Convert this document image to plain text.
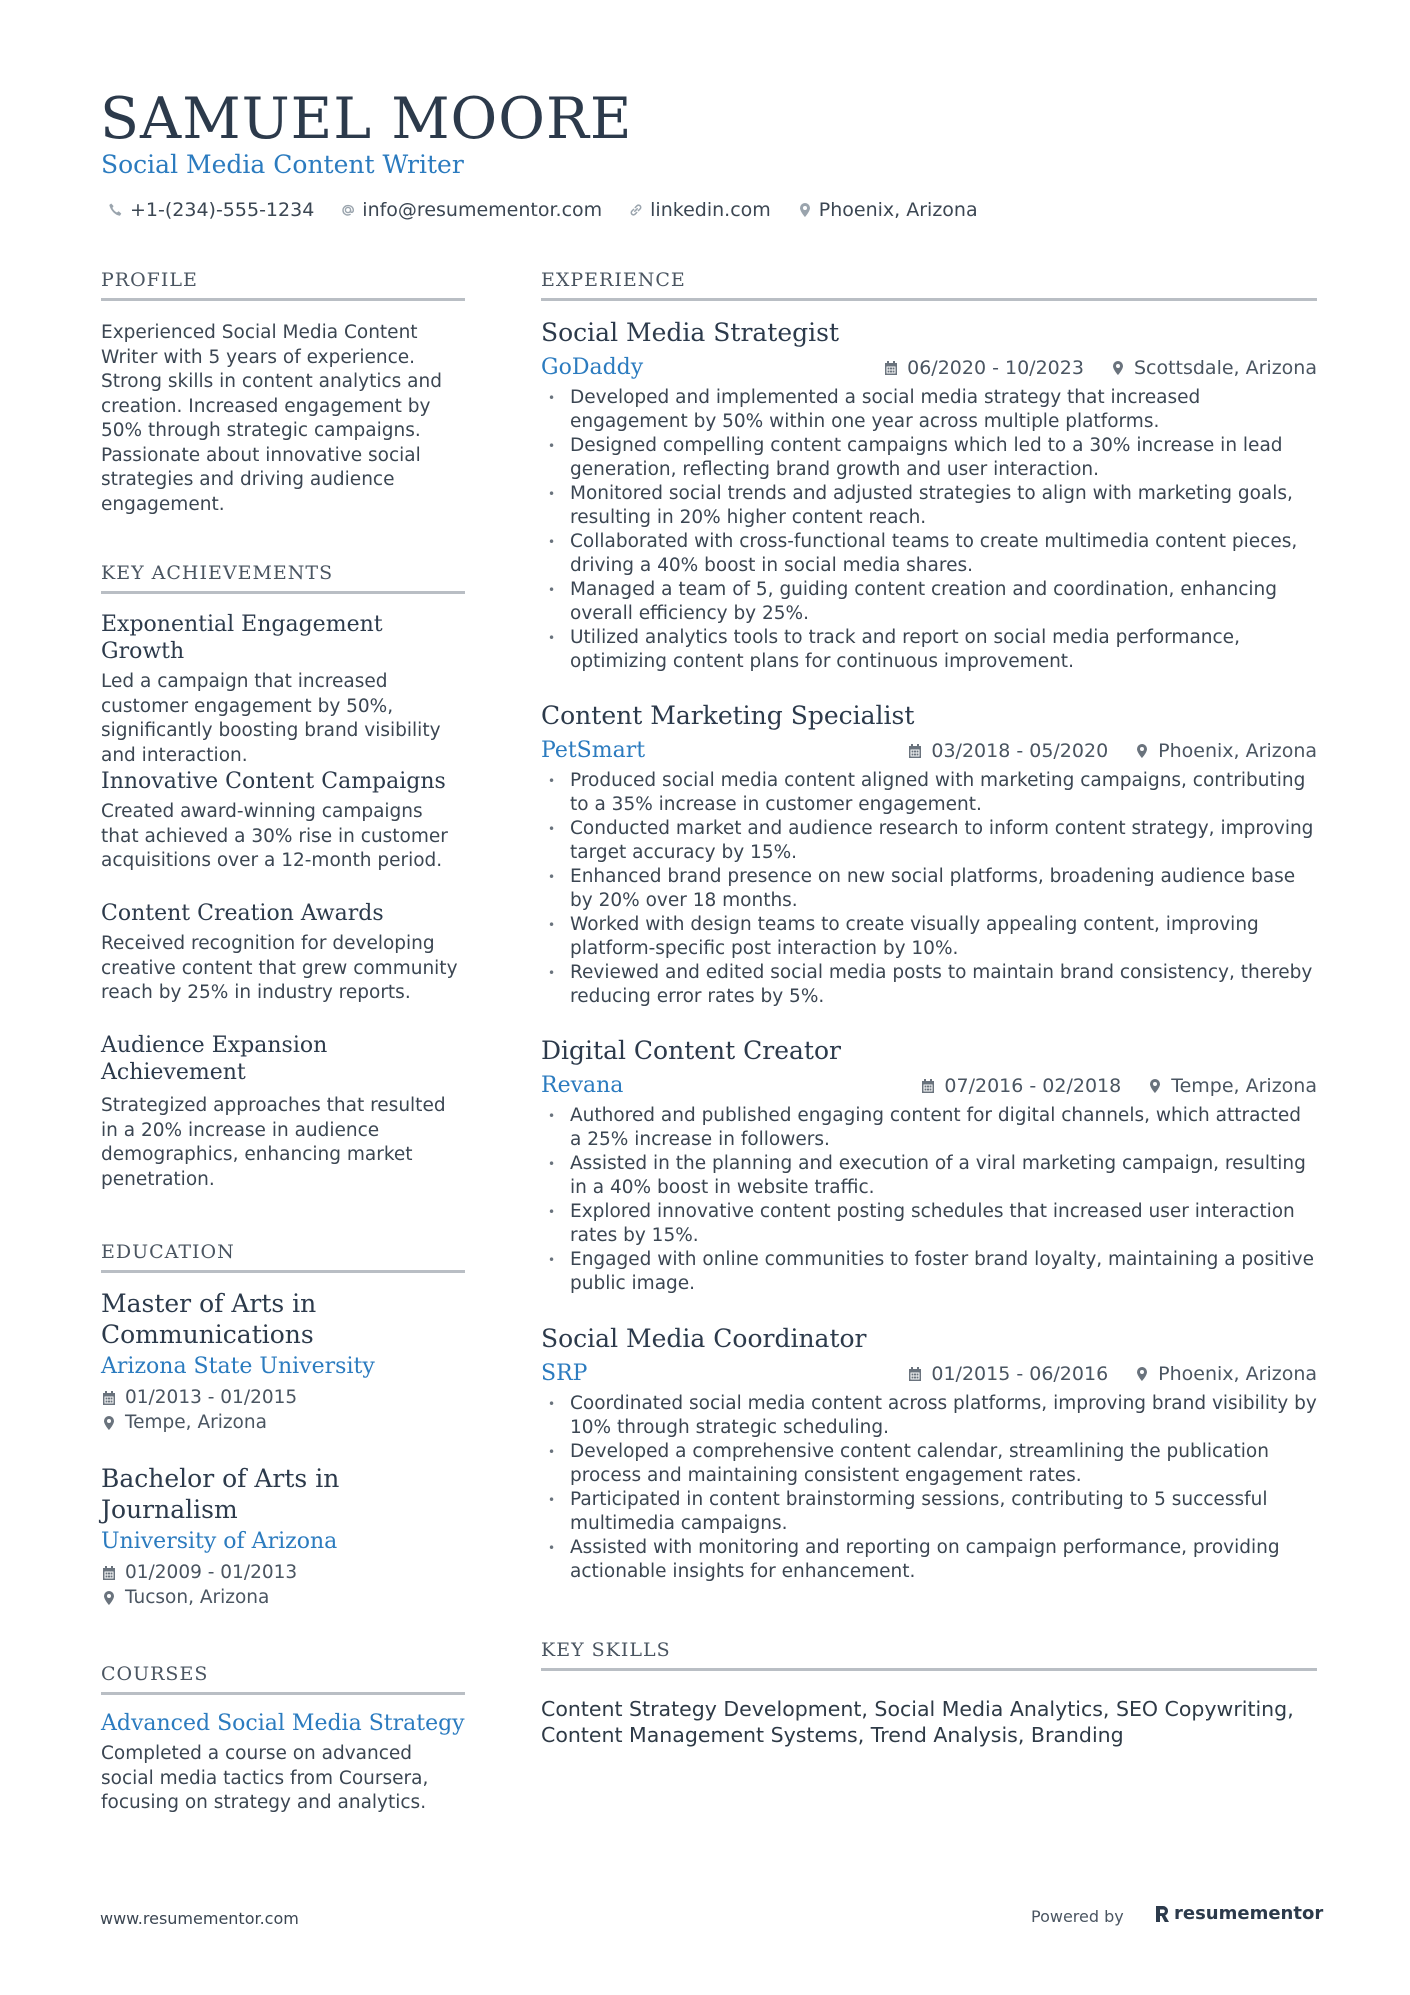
SAMUEL MOORE
Social Media Content Writer
+1-(234)-555-1234	info@resumementor.com	linkedin.com	Phoenix, Arizona
PROFILE

Experienced Social Media Content Writer with 5 years of experience. Strong skills in content analytics and creation. Increased engagement by 50% through strategic campaigns. Passionate about innovative social strategies and driving audience engagement.

KEY ACHIEVEMENTS
Exponential Engagement Growth
Led a campaign that increased customer engagement by 50%, significantly boosting brand visibility and interaction.
Innovative Content Campaigns
Created award-winning campaigns that achieved a 30% rise in customer acquisitions over a 12-month period.
Content Creation Awards
Received recognition for developing creative content that grew community reach by 25% in industry reports.
Audience Expansion Achievement
Strategized approaches that resulted in a 20% increase in audience demographics, enhancing market penetration.
EDUCATION
Master of Arts in Communications
Arizona State University
01/2013 - 01/2015
Tempe, Arizona
Bachelor of Arts in Journalism
University of Arizona
01/2009 - 01/2013
Tucson, Arizona
COURSES
Advanced Social Media Strategy
Completed a course on advanced social media tactics from Coursera, focusing on strategy and analytics.
EXPERIENCE
Social Media Strategist
GoDaddy	06/2020 - 10/2023	Scottsdale, Arizona
• Developed and implemented a social media strategy that increased engagement by 50% within one year across multiple platforms.
• Designed compelling content campaigns which led to a 30% increase in lead generation, reflecting brand growth and user interaction.
• Monitored social trends and adjusted strategies to align with marketing goals, resulting in 20% higher content reach.
• Collaborated with cross-functional teams to create multimedia content pieces, driving a 40% boost in social media shares.
• Managed a team of 5, guiding content creation and coordination, enhancing overall efficiency by 25%.
• Utilized analytics tools to track and report on social media performance, optimizing content plans for continuous improvement.
Content Marketing Specialist
PetSmart	03/2018 - 05/2020	Phoenix, Arizona
• Produced social media content aligned with marketing campaigns, contributing to a 35% increase in customer engagement.
• Conducted market and audience research to inform content strategy, improving target accuracy by 15%.
• Enhanced brand presence on new social platforms, broadening audience base by 20% over 18 months.
• Worked with design teams to create visually appealing content, improving platform-specific post interaction by 10%.
• Reviewed and edited social media posts to maintain brand consistency, thereby reducing error rates by 5%.
Digital Content Creator
Revana	07/2016 - 02/2018	Tempe, Arizona
• Authored and published engaging content for digital channels, which attracted a 25% increase in followers.
• Assisted in the planning and execution of a viral marketing campaign, resulting in a 40% boost in website traffic.
• Explored innovative content posting schedules that increased user interaction rates by 15%.
• Engaged with online communities to foster brand loyalty, maintaining a positive public image.
Social Media Coordinator
SRP	01/2015 - 06/2016	Phoenix, Arizona
• Coordinated social media content across platforms, improving brand visibility by 10% through strategic scheduling.
• Developed a comprehensive content calendar, streamlining the publication process and maintaining consistent engagement rates.
• Participated in content brainstorming sessions, contributing to 5 successful multimedia campaigns.
• Assisted with monitoring and reporting on campaign performance, providing actionable insights for enhancement.
KEY SKILLS

Content Strategy Development, Social Media Analytics, SEO Copywriting, Content Management Systems, Trend Analysis, Branding

www.resumementor.com	Powered by	resumementor
